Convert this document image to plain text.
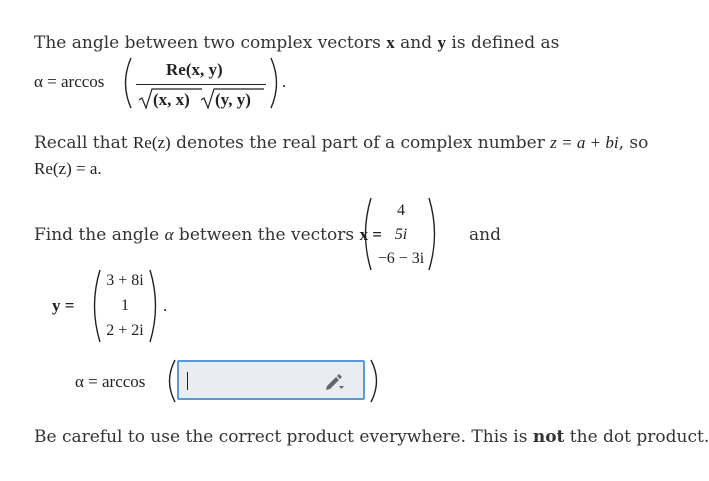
The angle between two complex vectors x and y is defined as
α = arccos
Re(x, y)
(x, x) (y, y)
.
Recall that Re(z) denotes the real part of a complex number z = a + bi, so
Re(z) = a.
Find the angle α between the vectors x =
4
5i
−6 − 3i
and
y =
3 + 8i
1
2 + 2i
.
α = arccos
Be careful to use the correct product everywhere. This is not the dot product.
